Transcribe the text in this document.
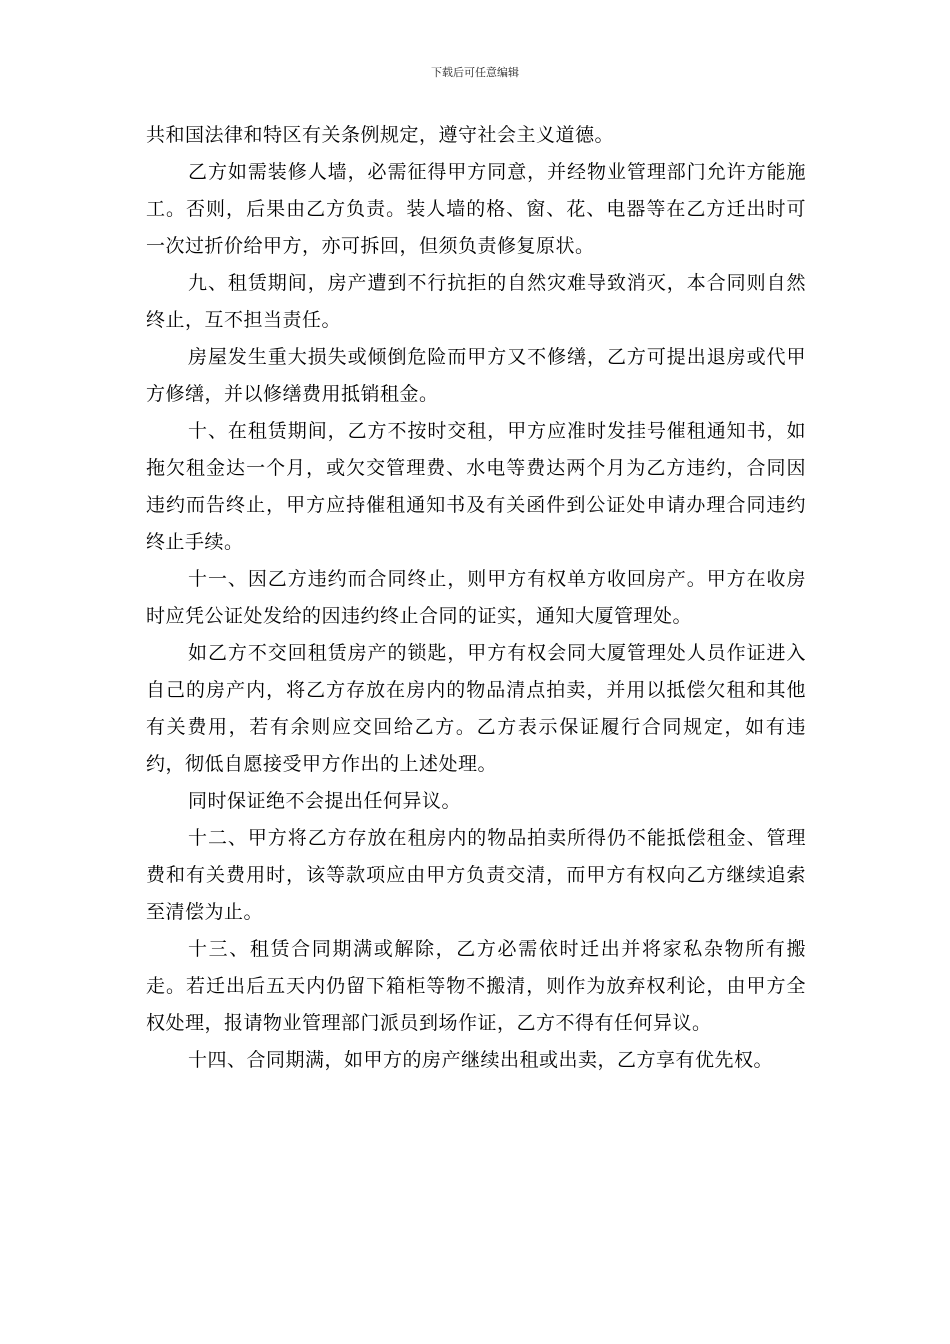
下载后可任意编辑

共和国法律和特区有关条例规定，遵守社会主义道德。

乙方如需装修人墙，必需征得甲方同意，并经物业管理部门允许方能施工。否则，后果由乙方负责。装人墙的格、窗、花、电器等在乙方迁出时可一次过折价给甲方，亦可拆回，但须负责修复原状。

九、租赁期间，房产遭到不行抗拒的自然灾难导致消灭，本合同则自然终止，互不担当责任。

房屋发生重大损失或倾倒危险而甲方又不修缮，乙方可提出退房或代甲方修缮，并以修缮费用抵销租金。

十、在租赁期间，乙方不按时交租，甲方应准时发挂号催租通知书，如拖欠租金达一个月，或欠交管理费、水电等费达两个月为乙方违约，合同因违约而告终止，甲方应持催租通知书及有关函件到公证处申请办理合同违约终止手续。

十一、因乙方违约而合同终止，则甲方有权单方收回房产。甲方在收房时应凭公证处发给的因违约终止合同的证实，通知大厦管理处。

如乙方不交回租赁房产的锁匙，甲方有权会同大厦管理处人员作证进入自己的房产内，将乙方存放在房内的物品清点拍卖，并用以抵偿欠租和其他有关费用，若有余则应交回给乙方。乙方表示保证履行合同规定，如有违约，彻低自愿接受甲方作出的上述处理。

同时保证绝不会提出任何异议。

十二、甲方将乙方存放在租房内的物品拍卖所得仍不能抵偿租金、管理费和有关费用时，该等款项应由甲方负责交清，而甲方有权向乙方继续追索至清偿为止。

十三、租赁合同期满或解除，乙方必需依时迁出并将家私杂物所有搬走。若迁出后五天内仍留下箱柜等物不搬清，则作为放弃权利论，由甲方全权处理，报请物业管理部门派员到场作证，乙方不得有任何异议。

十四、合同期满，如甲方的房产继续出租或出卖，乙方享有优先权。
